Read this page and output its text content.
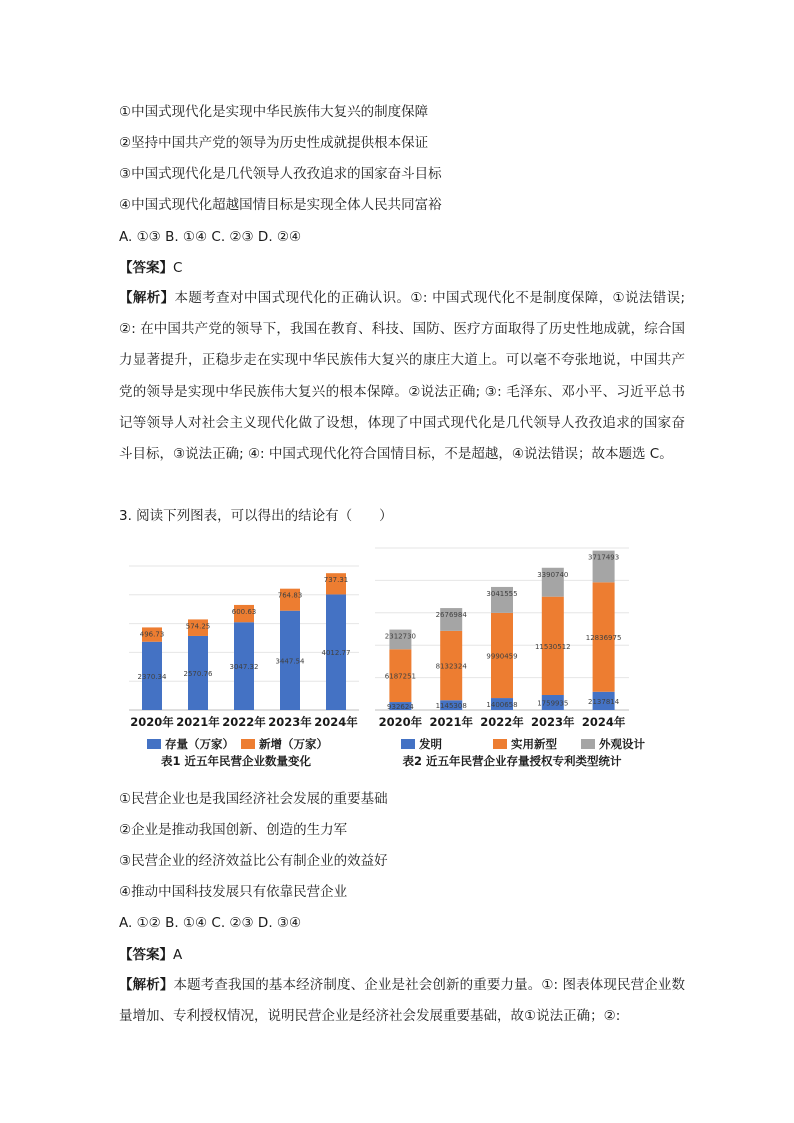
①中国式现代化是实现中华民族伟大复兴的制度保障
②坚持中国共产党的领导为历史性成就提供根本保证
③中国式现代化是几代领导人孜孜追求的国家奋斗目标
④中国式现代化超越国情目标是实现全体人民共同富裕
A. ①③ B. ①④ C. ②③ D. ②④
【答案】C
【解析】本题考查对中国式现代化的正确认识。①: 中国式现代化不是制度保障，①说法错误; ②: 在中国共产党的领导下，我国在教育、科技、国防、医疗方面取得了历史性地成就，综合国力显著提升，正稳步走在实现中华民族伟大复兴的康庄大道上。可以毫不夸张地说，中国共产党的领导是实现中华民族伟大复兴的根本保障。②说法正确; ③: 毛泽东、邓小平、习近平总书记等领导人对社会主义现代化做了设想，体现了中国式现代化是几代领导人孜孜追求的国家奋斗目标，③说法正确; ④: 中国式现代化符合国情目标，不是超越，④说法错误；故本题选 C。
3. 阅读下列图表，可以得出的结论有（　　）
2370.34
496.73
2020年
2570.76
574.25
2021年
3047.32
600.63
2022年
3447.54
764.83
2023年
4012.77
737.31
2024年
存量（万家） 新增（万家）
表1 近五年民营企业数量变化
932624
6187251
2312730
2020年
1145308
8132324
2676984
2021年
1400658
9990459
3041555
2022年
1759935
11530512
3390740
2023年
2137814
12836975
3717493
2024年
发明	实用新型	外观设计
表2 近五年民营企业存量授权专利类型统计
①民营企业也是我国经济社会发展的重要基础
②企业是推动我国创新、创造的生力军
③民营企业的经济效益比公有制企业的效益好
④推动中国科技发展只有依靠民营企业
A. ①② B. ①④ C. ②③ D. ③④
【答案】A
【解析】本题考查我国的基本经济制度、企业是社会创新的重要力量。①: 图表体现民营企业数量增加、专利授权情况，说明民营企业是经济社会发展重要基础，故①说法正确；②:
